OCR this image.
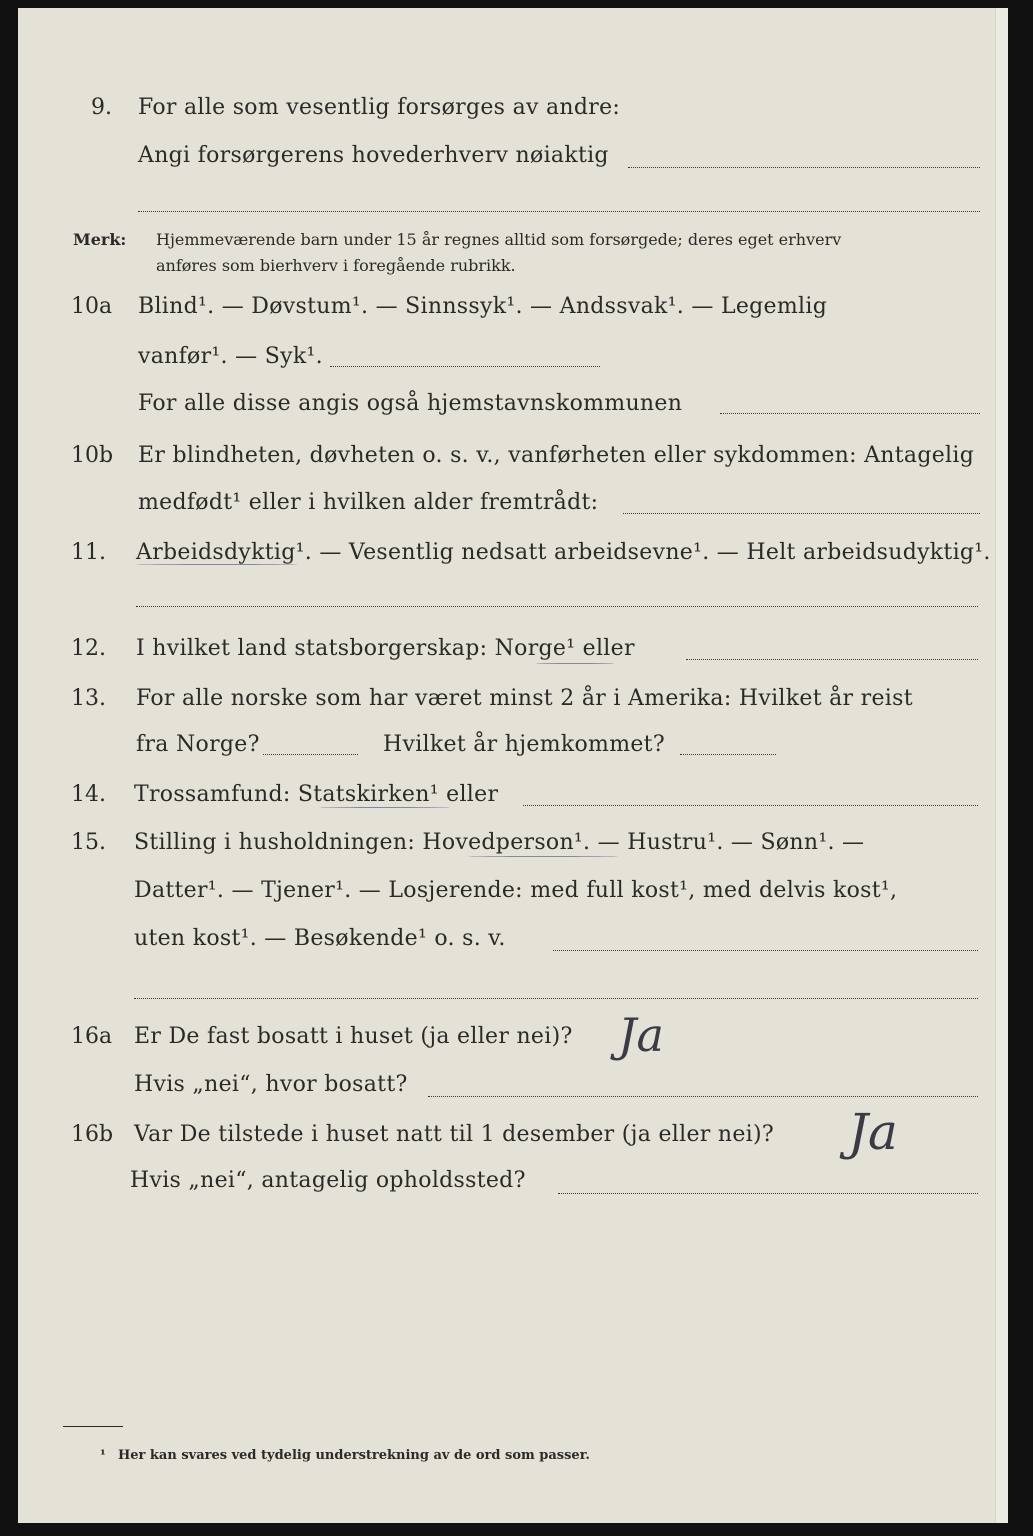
9. For alle som vesentlig forsørges av andre:
Angi forsørgerens hovederhverv nøiaktig
Merk: Hjemmeværende barn under 15 år regnes alltid som forsørgede; deres eget erhverv
anføres som bierhverv i foregående rubrikk.
10a Blind¹. — Døvstum¹. — Sinnssyk¹. — Andssvak¹. — Legemlig
vanfør¹. — Syk¹.
For alle disse angis også hjemstavnskommunen
10b Er blindheten, døvheten o. s. v., vanførheten eller sykdommen: Antagelig
medfødt¹ eller i hvilken alder fremtrådt:
11. Arbeidsdyktig¹. — Vesentlig nedsatt arbeidsevne¹. — Helt arbeidsudyktig¹.
12. I hvilket land statsborgerskap: Norge¹ eller
13. For alle norske som har været minst 2 år i Amerika: Hvilket år reist
fra Norge?	Hvilket år hjemkommet?
14. Trossamfund: Statskirken¹ eller
15. Stilling i husholdningen: Hovedperson¹. — Hustru¹. — Sønn¹. —
Datter¹. — Tjener¹. — Losjerende: med full kost¹, med delvis kost¹,
uten kost¹. — Besøkende¹ o. s. v.
16a Er De fast bosatt i huset (ja eller nei)? Ja
Hvis „nei“, hvor bosatt?
16b Var De tilstede i huset natt til 1 desember (ja eller nei)? Ja
Hvis „nei“, antagelig opholdssted?
¹ Her kan svares ved tydelig understrekning av de ord som passer.
